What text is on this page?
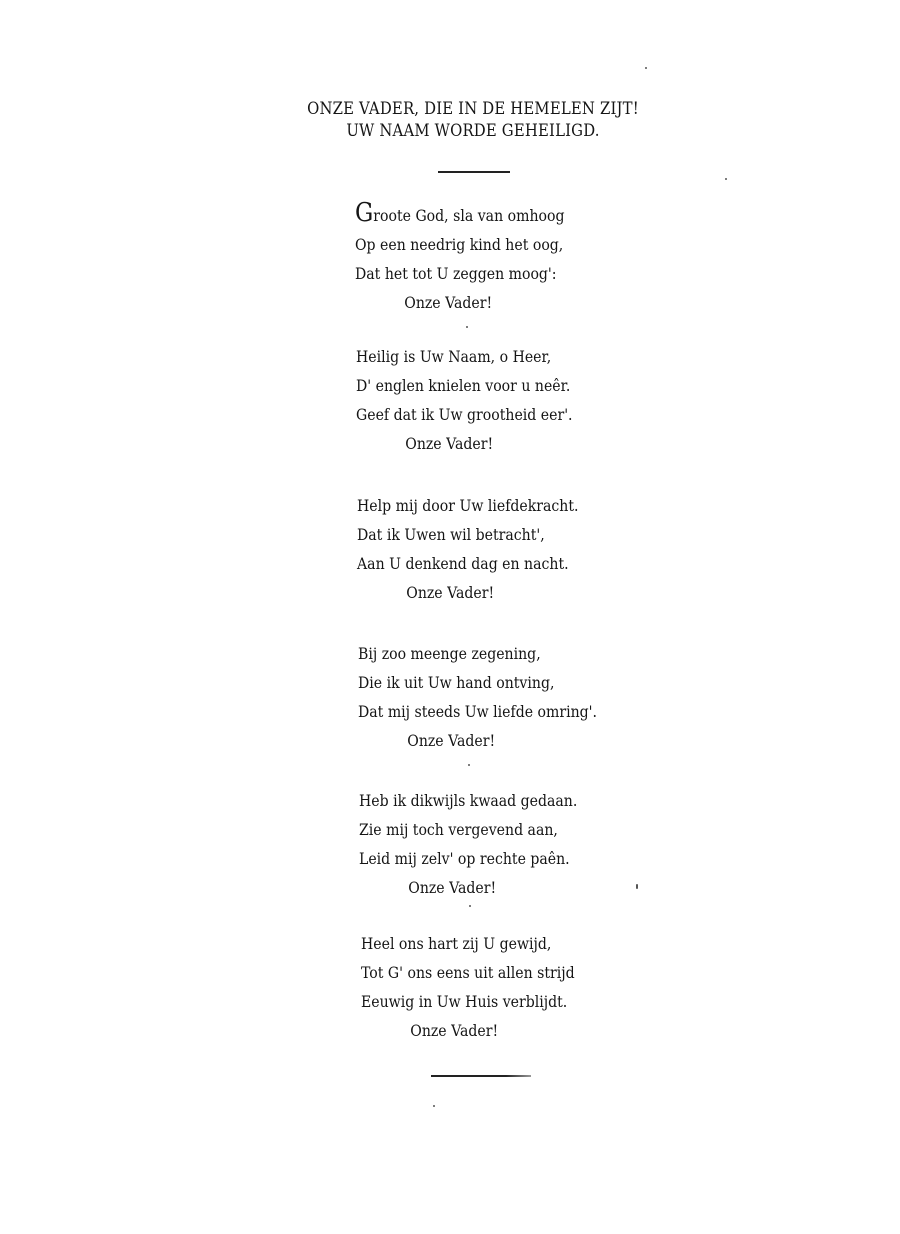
ONZE VADER, DIE IN DE HEMELEN ZIJT!
UW NAAM WORDE GEHEILIGD.
Groote God, sla van omhoog
Op een needrig kind het oog,
Dat het tot U zeggen moog':
Onze Vader!
Heilig is Uw Naam, o Heer,
D' englen knielen voor u neêr.
Geef dat ik Uw grootheid eer'.
Onze Vader!
Help mij door Uw liefdekracht.
Dat ik Uwen wil betracht',
Aan U denkend dag en nacht.
Onze Vader!
Bij zoo meenge zegening,
Die ik uit Uw hand ontving,
Dat mij steeds Uw liefde omring'.
Onze Vader!
Heb ik dikwijls kwaad gedaan.
Zie mij toch vergevend aan,
Leid mij zelv' op rechte paên.
Onze Vader!
Heel ons hart zij U gewijd,
Tot G' ons eens uit allen strijd
Eeuwig in Uw Huis verblijdt.
Onze Vader!
